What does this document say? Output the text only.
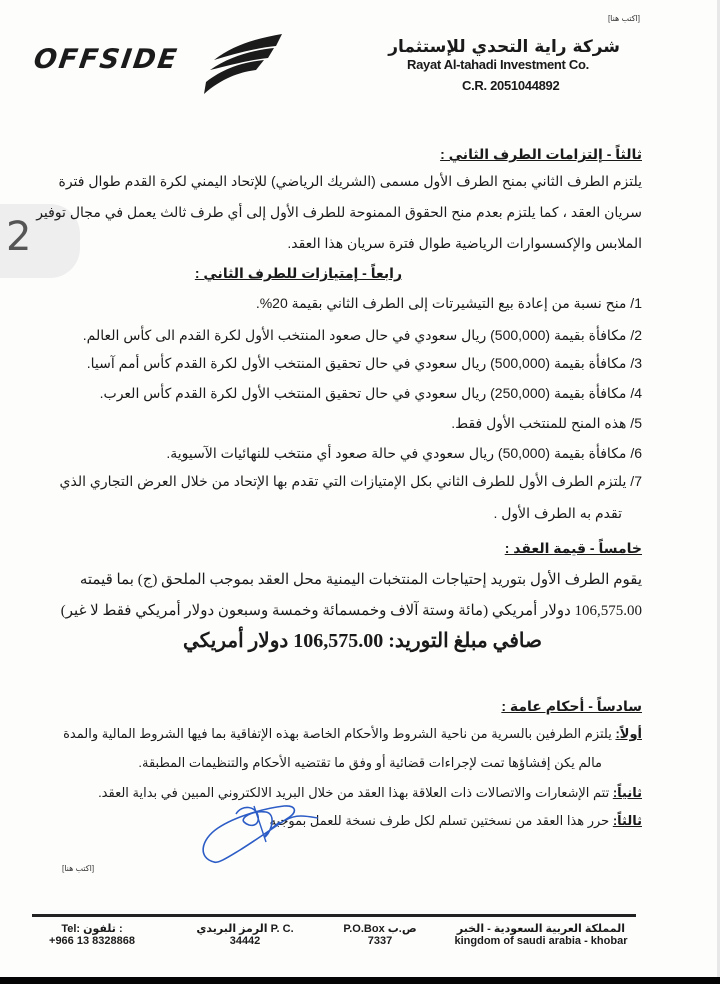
[اكتب هنا]
OFFSIDE	شركة راية التحدي للإستثمار
Rayat Al-tahadi Investment Co.
C.R. 2051044892
2
ثالثاً - إلتزامات الطرف الثاني :
يلتزم الطرف الثاني بمنح الطرف الأول مسمى (الشريك الرياضي) للإتحاد اليمني لكرة القدم طوال فترة
سريان العقد ، كما يلتزم بعدم منح الحقوق الممنوحة للطرف الأول إلى أي طرف ثالث يعمل في مجال توفير
الملابس والإكسسوارات الرياضية طوال فترة سريان هذا العقد.
رابعاً - إمتيازات للطرف الثاني :
1/ منح نسبة من إعادة بيع التيشيرتات إلى الطرف الثاني بقيمة 20%.
2/ مكافأة بقيمة (500,000) ريال سعودي في حال صعود المنتخب الأول لكرة القدم الى كأس العالم.
3/ مكافأة بقيمة (500,000) ريال سعودي في حال تحقيق المنتخب الأول لكرة القدم كأس أمم آسيا.
4/ مكافأة بقيمة (250,000) ريال سعودي في حال تحقيق المنتخب الأول لكرة القدم كأس العرب.
5/ هذه المنح للمنتخب الأول فقط.
6/ مكافأة بقيمة (50,000) ريال سعودي في حالة صعود أي منتخب للنهائيات الآسيوية.
7/ يلتزم الطرف الأول للطرف الثاني بكل الإمتيازات التي تقدم بها الإتحاد من خلال العرض التجاري الذي
تقدم به الطرف الأول .
خامساً - قيمة العقد :
يقوم الطرف الأول بتوريد إحتياجات المنتخبات اليمنية محل العقد بموجب الملحق (ج) بما قيمته
106,575.00 دولار أمريكي (مائة وستة آلاف وخمسمائة وخمسة وسبعون دولار أمريكي فقط لا غير)
صافي مبلغ التوريد: 106,575.00 دولار أمريكي
سادساً - أحكام عامة :
أولاً: يلتزم الطرفين بالسرية من ناحية الشروط والأحكام الخاصة بهذه الإتفاقية بما فيها الشروط المالية والمدة
مالم يكن إفشاؤها تمت لإجراءات قضائية أو وفق ما تقتضيه الأحكام والتنظيمات المطبقة.
ثانياً: تتم الإشعارات والاتصالات ذات العلاقة بهذا العقد من خلال البريد الالكتروني المبين في بداية العقد.
ثالثاً: حرر هذا العقد من نسختين تسلم لكل طرف نسخة للعمل بموجبه
[اكتب هنا]
Tel: تلفون :
+966 13 8328868
الرمز البريدي P. C.
34442
P.O.Box ص.ب
7337
المملكة العربية السعودية - الخبر
kingdom of saudi arabia - khobar
